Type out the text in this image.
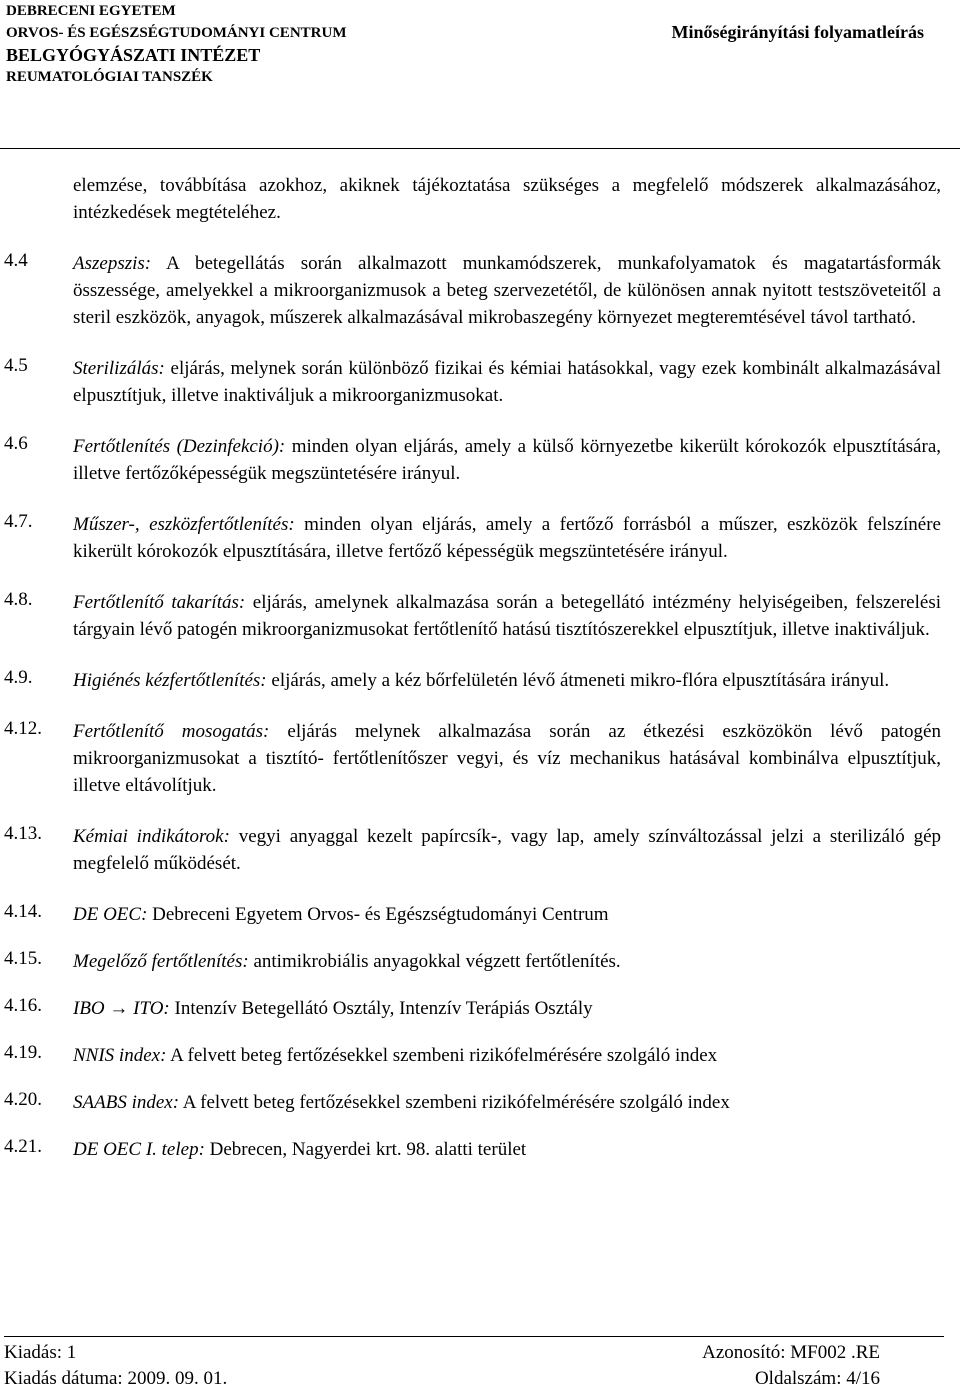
DEBRECENI EGYETEM
ORVOS- ÉS EGÉSZSÉGTUDOMÁNYI CENTRUM
BELGYÓGYÁSZATI INTÉZET
REUMATOLÓGIAI TANSZÉK
Minőségirányítási folyamatleírás
elemzése, továbbítása azokhoz, akiknek tájékoztatása szükséges a megfelelő módszerek alkalmazásához, intézkedések megtételéhez.
4.4 Aszepszis: A betegellátás során alkalmazott munkamódszerek, munkafolyamatok és magatartásformák összessége, amelyekkel a mikroorganizmusok a beteg szervezetétől, de különösen annak nyitott testszöveteitől a steril eszközök, anyagok, műszerek alkalmazásával mikrobaszegény környezet megteremtésével távol tartható.
4.5 Sterilizálás: eljárás, melynek során különböző fizikai és kémiai hatásokkal, vagy ezek kombinált alkalmazásával elpusztítjuk, illetve inaktiváljuk a mikroorganizmusokat.
4.6 Fertőtlenítés (Dezinfekció): minden olyan eljárás, amely a külső környezetbe kikerült kórokozók elpusztítására, illetve fertőzőképességük megszüntetésére irányul.
4.7. Műszer-, eszközfertőtlenítés: minden olyan eljárás, amely a fertőző forrásból a műszer, eszközök felszínére kikerült kórokozók elpusztítására, illetve fertőző képességük megszüntetésére irányul.
4.8. Fertőtlenítő takarítás: eljárás, amelynek alkalmazása során a betegellátó intézmény helyiségeiben, felszerelési tárgyain lévő patogén mikroorganizmusokat fertőtlenítő hatású tisztítószerekkel elpusztítjuk, illetve inaktiváljuk.
4.9. Higiénés kézfertőtlenítés: eljárás, amely a kéz bőrfelületén lévő átmeneti mikro-flóra elpusztítására irányul.
4.12. Fertőtlenítő mosogatás: eljárás melynek alkalmazása során az étkezési eszközökön lévő patogén mikroorganizmusokat a tisztító- fertőtlenítőszer vegyi, és víz mechanikus hatásával kombinálva elpusztítjuk, illetve eltávolítjuk.
4.13. Kémiai indikátorok: vegyi anyaggal kezelt papírcsík-, vagy lap, amely színváltozással jelzi a sterilizáló gép megfelelő működését.
4.14. DE OEC: Debreceni Egyetem Orvos- és Egészségtudományi Centrum
4.15. Megelőző fertőtlenítés: antimikrobiális anyagokkal végzett fertőtlenítés.
4.16. IBO → ITO: Intenzív Betegellátó Osztály, Intenzív Terápiás Osztály
4.19. NNIS index: A felvett beteg fertőzésekkel szembeni rizikófelmérésére szolgáló index
4.20. SAABS index: A felvett beteg fertőzésekkel szembeni rizikófelmérésére szolgáló index
4.21. DE OEC I. telep: Debrecen, Nagyerdei krt. 98. alatti terület
Kiadás: 1	Azonosító: MF002 .RE
Kiadás dátuma: 2009. 09. 01.	Oldalszám: 4/16
